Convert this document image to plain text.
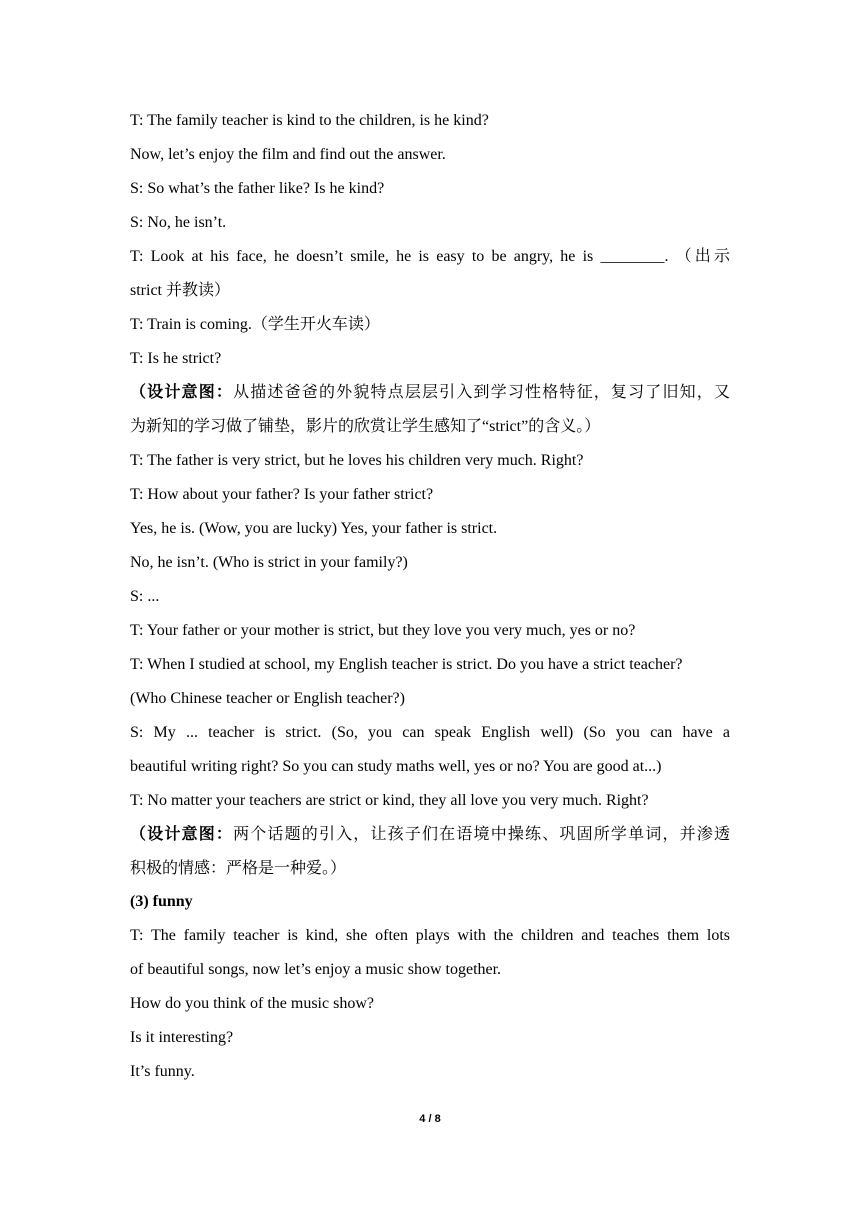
T: The family teacher is kind to the children, is he kind?
Now, let’s enjoy the film and find out the answer.
S: So what’s the father like? Is he kind?
S: No, he isn’t.
T: Look at his face, he doesn’t smile, he is easy to be angry, he is ________. （出示
strict 并教读）
T: Train is coming.（学生开火车读）
T: Is he strict?
（设计意图：从描述爸爸的外貌特点层层引入到学习性格特征，复习了旧知，又
为新知的学习做了铺垫，影片的欣赏让学生感知了“strict”的含义。）
T: The father is very strict, but he loves his children very much. Right?
T: How about your father? Is your father strict?
Yes, he is. (Wow, you are lucky) Yes, your father is strict.
No, he isn’t. (Who is strict in your family?)
S: ...
T: Your father or your mother is strict, but they love you very much, yes or no?
T: When I studied at school, my English teacher is strict. Do you have a strict teacher?
(Who Chinese teacher or English teacher?)
S: My ... teacher is strict. (So, you can speak English well) (So you can have a
beautiful writing right? So you can study maths well, yes or no? You are good at...)
T: No matter your teachers are strict or kind, they all love you very much. Right?
（设计意图：两个话题的引入，让孩子们在语境中操练、巩固所学单词，并渗透
积极的情感：严格是一种爱。）
(3) funny
T: The family teacher is kind, she often plays with the children and teaches them lots
of beautiful songs, now let’s enjoy a music show together.
How do you think of the music show?
Is it interesting?
It’s funny.
4 / 8
